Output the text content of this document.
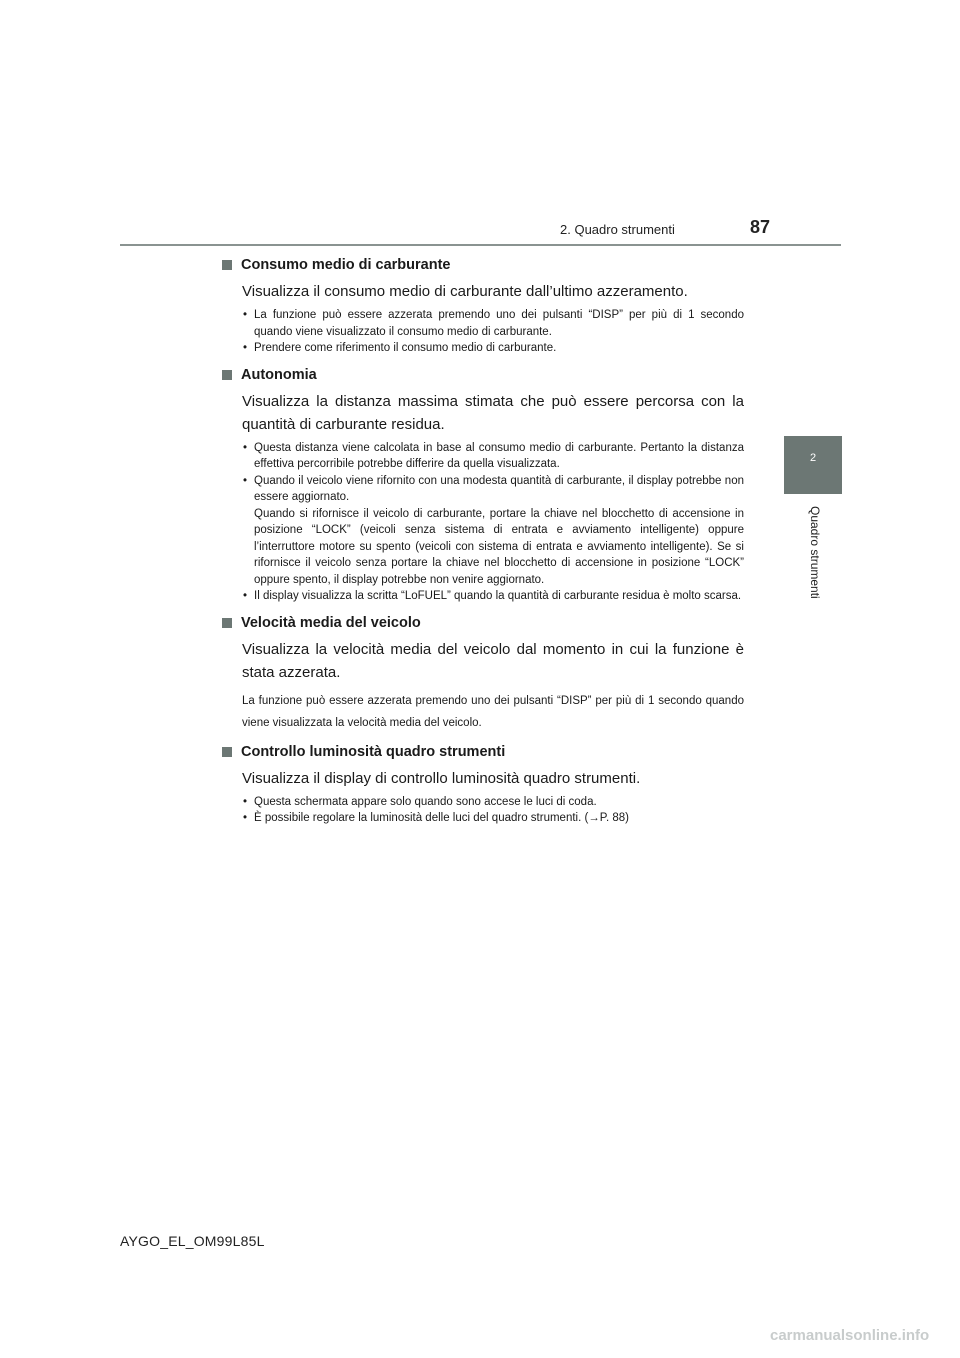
2. Quadro strumenti	87
2
Quadro strumenti
Consumo medio di carburante

Visualizza il consumo medio di carburante dall’ultimo azzeramento.

• La funzione può essere azzerata premendo uno dei pulsanti “DISP” per più di 1 secondo quando viene visualizzato il consumo medio di carburante.
• Prendere come riferimento il consumo medio di carburante.
Autonomia

Visualizza la distanza massima stimata che può essere percorsa con la quantità di carburante residua.

• Questa distanza viene calcolata in base al consumo medio di carburante. Pertanto la distanza effettiva percorribile potrebbe differire da quella visualizzata.
• Quando il veicolo viene rifornito con una modesta quantità di carburante, il display potrebbe non essere aggiornato.
Quando si rifornisce il veicolo di carburante, portare la chiave nel blocchetto di accensione in posizione “LOCK” (veicoli senza sistema di entrata e avviamento intelligente) oppure l’interruttore motore su spento (veicoli con sistema di entrata e avviamento intelligente). Se si rifornisce il veicolo senza portare la chiave nel blocchetto di accensione in posizione “LOCK” oppure spento, il display potrebbe non venire aggiornato.
• Il display visualizza la scritta “LoFUEL” quando la quantità di carburante residua è molto scarsa.
Velocità media del veicolo

Visualizza la velocità media del veicolo dal momento in cui la funzione è stata azzerata.

La funzione può essere azzerata premendo uno dei pulsanti “DISP” per più di 1 secondo quando viene visualizzata la velocità media del veicolo.

Controllo luminosità quadro strumenti

Visualizza il display di controllo luminosità quadro strumenti.

• Questa schermata appare solo quando sono accese le luci di coda.
• È possibile regolare la luminosità delle luci del quadro strumenti. (→P. 88)
AYGO_EL_OM99L85L
carmanualsonline.info
